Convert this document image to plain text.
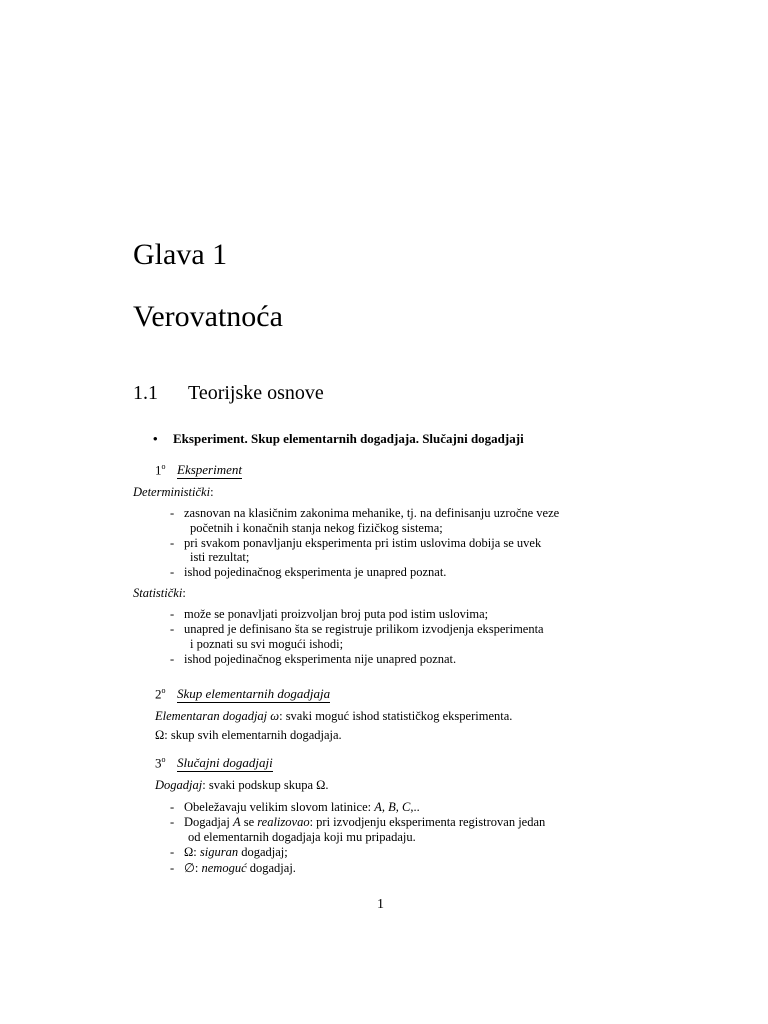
Glava 1
Verovatnoća
1.1 Teorijske osnove
• Eksperiment. Skup elementarnih dogadjaja. Slučajni dogadjaji
1$^o$ Eksperiment
Deterministički:
- zasnovan na klasičnim zakonima mehanike, tj. na definisanju uzročne veze
početnih i konačnih stanja nekog fizičkog sistema;
- pri svakom ponavljanju eksperimenta pri istim uslovima dobija se uvek
isti rezultat;
- ishod pojedinačnog eksperimenta je unapred poznat.
Statistički:
- može se ponavljati proizvoljan broj puta pod istim uslovima;
- unapred je definisano šta se registruje prilikom izvodjenja eksperimenta
i poznati su svi mogući ishodi;
- ishod pojedinačnog eksperimenta nije unapred poznat.
2$^o$ Skup elementarnih dogadjaja
Elementaran dogadjaj ω: svaki moguć ishod statističkog eksperimenta.
Ω: skup svih elementarnih dogadjaja.
3$^o$ Slučajni dogadjaji
Dogadjaj: svaki podskup skupa Ω.
- Obeležavaju velikim slovom latinice: A, B, C,..
- Dogadjaj A se realizovao: pri izvodjenju eksperimenta registrovan jedan
od elementarnih dogadjaja koji mu pripadaju.
- Ω: siguran dogadjaj;
- ∅: nemoguć dogadjaj.
1
